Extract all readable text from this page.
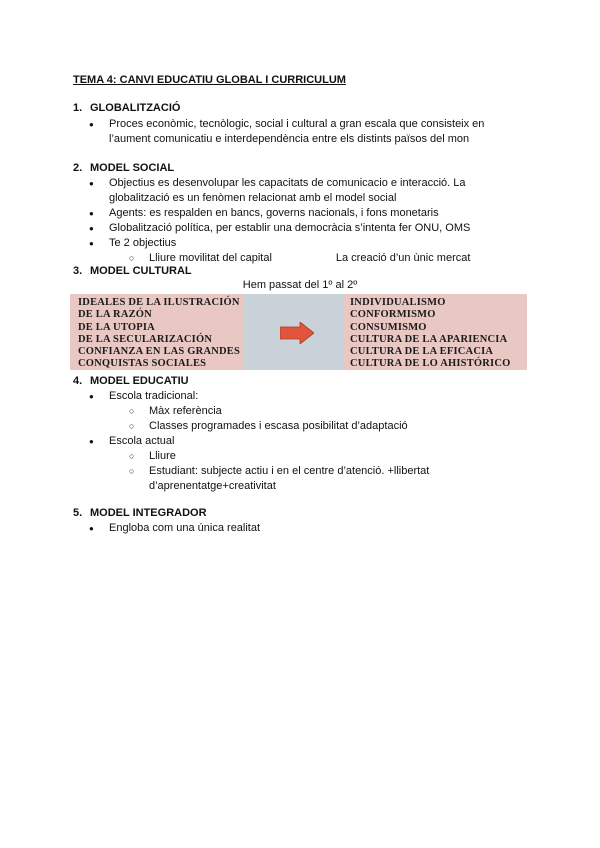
TEMA 4: CANVI EDUCATIU GLOBAL I CURRICULUM
1. GLOBALITZACIÓ
● Proces econòmic, tecnòlogic, social i cultural a gran escala que consisteix en
l’aument comunicatiu e interdependència entre els distints països del mon
2. MODEL SOCIAL
● Objectius es desenvolupar les capacitats de comunicacio e interacció. La
globalització es un fenòmen relacionat amb el model social
● Agents: es respalden en bancs, governs nacionals, i fons monetaris
● Globalització política, per establir una democràcia s’intenta fer ONU, OMS
● Te 2 objectius
○ Lliure movilitat del capital	La creació d’un ùnic mercat
3. MODEL CULTURAL
Hem passat del 1º al 2º
IDEALES DE LA ILUSTRACIÓN
DE LA RAZÓN
DE LA UTOPIA
DE LA SECULARIZACIÓN
CONFIANZA EN LAS GRANDES
CONQUISTAS SOCIALES
INDIVIDUALISMO
CONFORMISMO
CONSUMISMO
CULTURA DE LA APARIENCIA
CULTURA DE LA EFICACIA
CULTURA DE LO AHISTÓRICO
4. MODEL EDUCATIU
● Escola tradicional:
○ Màx referència
○ Classes programades i escasa posibilitat d’adaptació
● Escola actual
○ Lliure
○ Estudiant: subjecte actiu i en el centre d’atenció. +llibertat
d’aprenentatge+creativitat
5. MODEL INTEGRADOR
● Engloba com una única realitat
